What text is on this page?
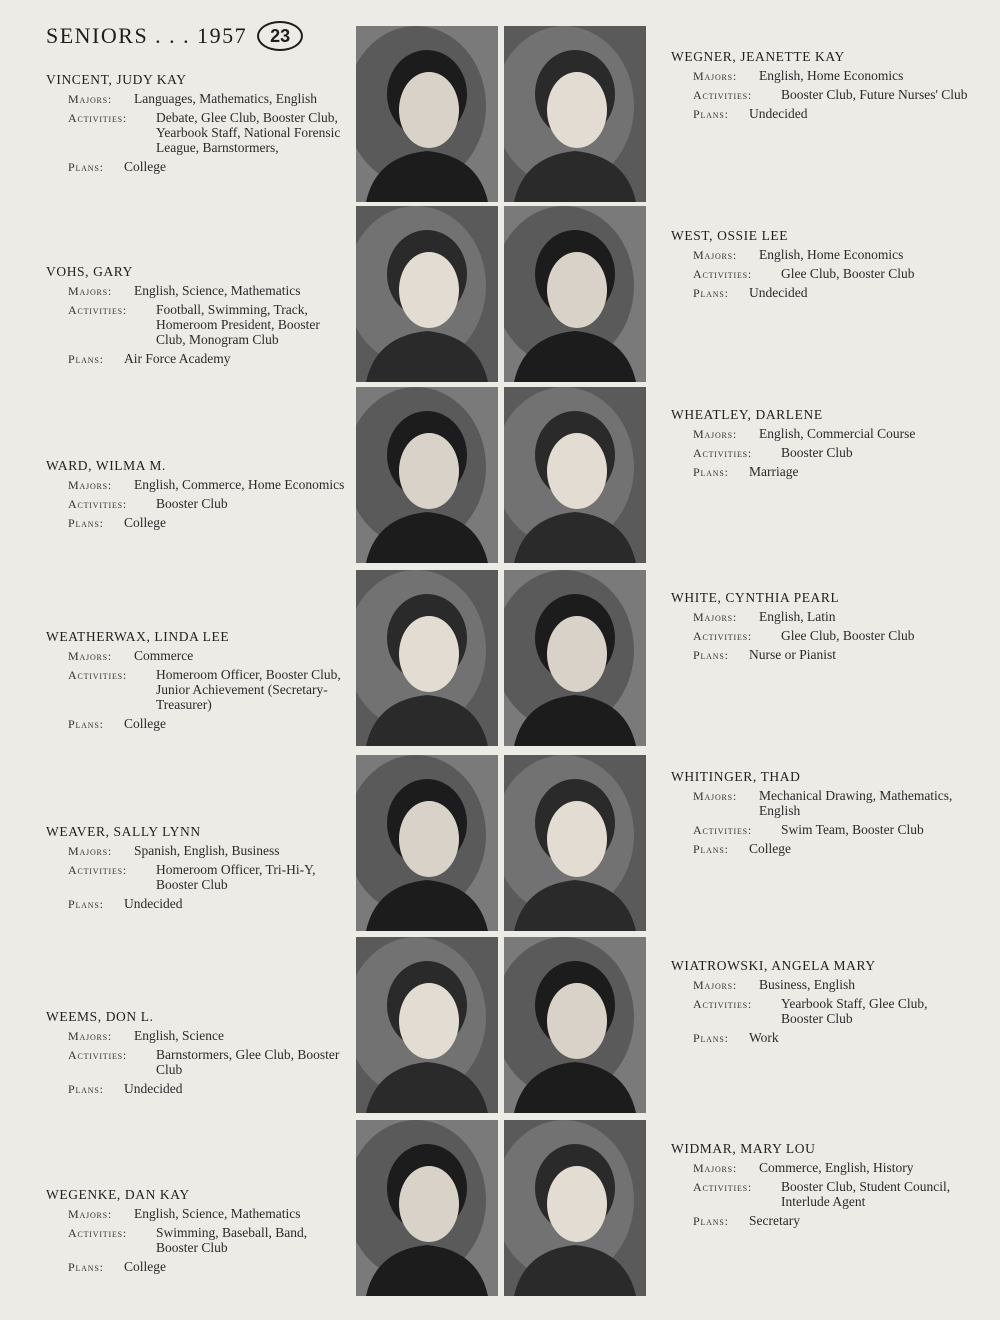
SENIORS . . . 1957	23
VINCENT, JUDY KAY
Majors: Languages, Mathematics, English
Activities: Debate, Glee Club, Booster Club, Yearbook Staff, National Forensic League, Barnstormers,
Plans: College
VOHS, GARY
Majors: English, Science, Mathematics
Activities: Football, Swimming, Track, Homeroom President, Booster Club, Monogram Club
Plans: Air Force Academy
WARD, WILMA M.
Majors: English, Commerce, Home Economics
Activities: Booster Club
Plans: College
WEATHERWAX, LINDA LEE
Majors: Commerce
Activities: Homeroom Officer, Booster Club, Junior Achievement (Secretary-Treasurer)
Plans: College
WEAVER, SALLY LYNN
Majors: Spanish, English, Business
Activities: Homeroom Officer, Tri-Hi-Y, Booster Club
Plans: Undecided
WEEMS, DON L.
Majors: English, Science
Activities: Barnstormers, Glee Club, Booster Club
Plans: Undecided
WEGENKE, DAN KAY
Majors: English, Science, Mathematics
Activities: Swimming, Baseball, Band, Booster Club
Plans: College
WEGNER, JEANETTE KAY
Majors: English, Home Economics
Activities: Booster Club, Future Nurses' Club
Plans: Undecided
WEST, OSSIE LEE
Majors: English, Home Economics
Activities: Glee Club, Booster Club
Plans: Undecided
WHEATLEY, DARLENE
Majors: English, Commercial Course
Activities: Booster Club
Plans: Marriage
WHITE, CYNTHIA PEARL
Majors: English, Latin
Activities: Glee Club, Booster Club
Plans: Nurse or Pianist
WHITINGER, THAD
Majors: Mechanical Drawing, Mathematics, English
Activities: Swim Team, Booster Club
Plans: College
WIATROWSKI, ANGELA MARY
Majors: Business, English
Activities: Yearbook Staff, Glee Club, Booster Club
Plans: Work
WIDMAR, MARY LOU
Majors: Commerce, English, History
Activities: Booster Club, Student Council, Interlude Agent
Plans: Secretary
